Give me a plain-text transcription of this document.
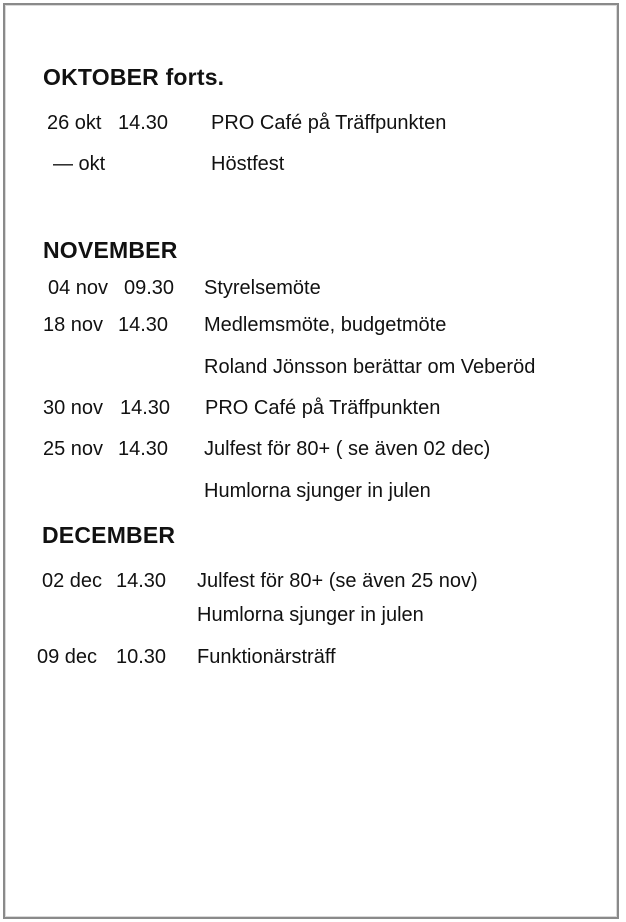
OKTOBER forts.
26 okt 14.30 PRO Café på Träffpunkten
— okt	Höstfest
NOVEMBER
04 nov 09.30 Styrelsemöte
18 nov 14.30 Medlemsmöte, budgetmöte
Roland Jönsson berättar om Veberöd
30 nov 14.30 PRO Café på Träffpunkten
25 nov 14.30 Julfest för 80+ ( se även 02 dec)
Humlorna sjunger in julen
DECEMBER
02 dec 14.30 Julfest för 80+ (se även 25 nov)
Humlorna sjunger in julen
09 dec 10.30 Funktionärsträff
